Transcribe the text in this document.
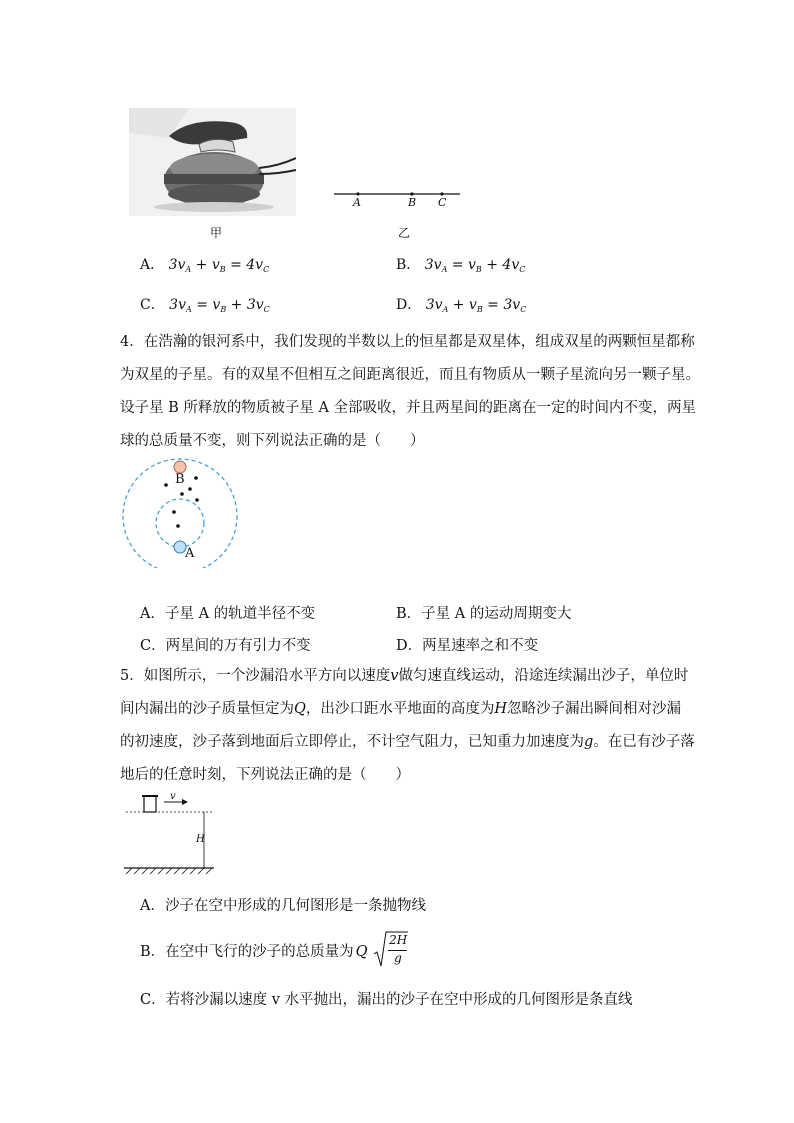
甲
A	B C
乙
A． $3v_A + v_B = 4v_C$	B． $3v_A = v_B + 4v_C$
C． $3v_A = v_B + 3v_C$	D． $3v_A + v_B = 3v_C$
4．在浩瀚的银河系中，我们发现的半数以上的恒星都是双星体，组成双星的两颗恒星都称
为双星的子星。有的双星不但相互之间距离很近，而且有物质从一颗子星流向另一颗子星。
设子星 B 所释放的物质被子星 A 全部吸收，并且两星间的距离在一定的时间内不变，两星
球的总质量不变，则下列说法正确的是（　　）
B
A
A．子星 A 的轨道半径不变	B．子星 A 的运动周期变大
C．两星间的万有引力不变	D．两星速率之和不变
5．如图所示，一个沙漏沿水平方向以速度v做匀速直线运动，沿途连续漏出沙子，单位时
间内漏出的沙子质量恒定为Q，出沙口距水平地面的高度为H忽略沙子漏出瞬间相对沙漏
的初速度，沙子落到地面后立即停止，不计空气阻力，已知重力加速度为g。在已有沙子落
地后的任意时刻，下列说法正确的是（　　）
v
H
A．沙子在空中形成的几何图形是一条抛物线
B．在空中飞行的沙子的总质量为 Q $\frac{2H}{g}$
C．若将沙漏以速度 v 水平抛出，漏出的沙子在空中形成的几何图形是条直线
